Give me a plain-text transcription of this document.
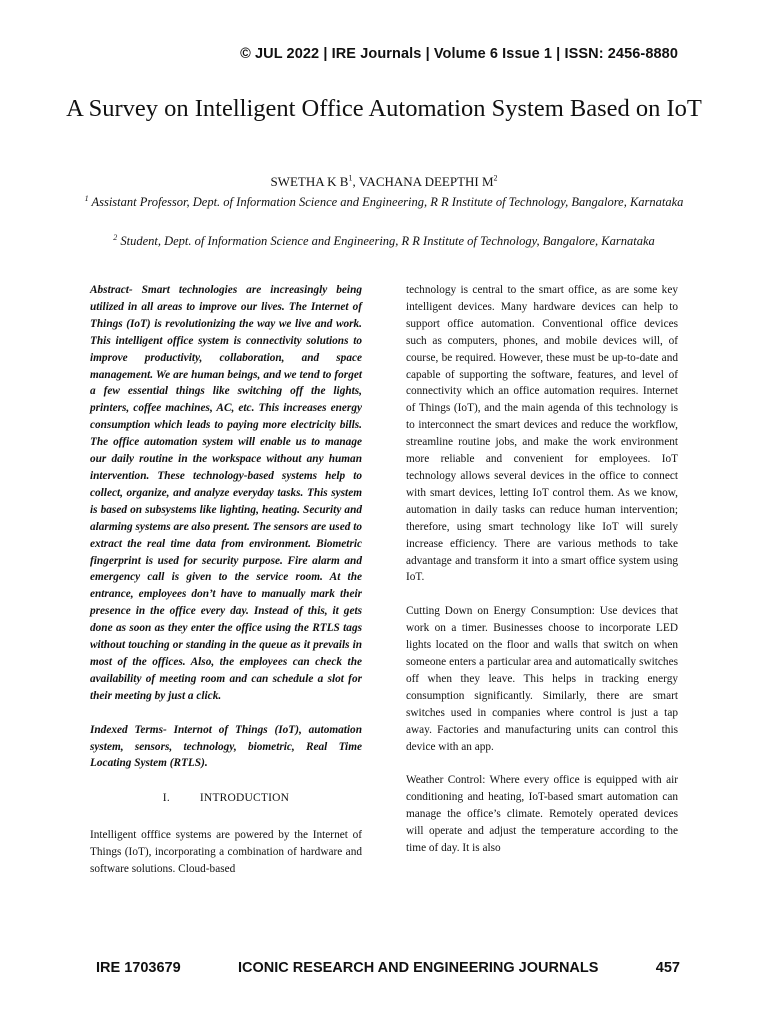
© JUL 2022 | IRE Journals | Volume 6 Issue 1 | ISSN: 2456-8880
A Survey on Intelligent Office Automation System Based on IoT
SWETHA K $B^1$, VACHANA DEEPTHI $M^2$
$^1$ Assistant Professor, Dept. of Information Science and Engineering, R R Institute of Technology, Bangalore, Karnataka
$^2$ Student, Dept. of Information Science and Engineering, R R Institute of Technology, Bangalore, Karnataka

Abstract- Smart technologies are increasingly being utilized in all areas to improve our lives. The Internet of Things (IoT) is revolutionizing the way we live and work. This intelligent office system is connectivity solutions to improve productivity, collaboration, and space management. We are human beings, and we tend to forget a few essential things like switching off the lights, printers, coffee machines, AC, etc. This increases energy consumption which leads to paying more electricity bills. The office automation system will enable us to manage our daily routine in the workspace without any human intervention. These technology-based systems help to collect, organize, and analyze everyday tasks. This system is based on subsystems like lighting, heating. Security and alarming systems are also present. The sensors are used to extract the real time data from environment. Biometric fingerprint is used for security purpose. Fire alarm and emergency call is given to the service room. At the entrance, employees don’t have to manually mark their presence in the office every day. Instead of this, it gets done as soon as they enter the office using the RTLS tags without touching or standing in the queue as it prevails in most of the offices. Also, the employees can check the availability of meeting room and can schedule a slot for their meeting by just a click.

Indexed Terms- Internot of Things (IoT), automation system, sensors, technology, biometric, Real Time Locating System (RTLS).

I.	INTRODUCTION

Intelligent offfice systems are powered by the Internet of Things (IoT), incorporating a combination of hardware and software solutions. Cloud-based

technology is central to the smart office, as are some key intelligent devices. Many hardware devices can help to support office automation. Conventional office devices such as computers, phones, and mobile devices will, of course, be required. However, these must be up-to-date and capable of supporting the software, features, and level of connectivity which an office automation requires. Internet of Things (IoT), and the main agenda of this technology is to interconnect the smart devices and reduce the workflow, streamline routine jobs, and make the work environment more reliable and convenient for employees. IoT technology allows several devices in the office to connect with smart devices, letting IoT control them. As we know, automation in daily tasks can reduce human intervention; therefore, using smart technology like IoT will surely increase efficiency. There are various methods to take advantage and transform it into a smart office system using IoT.

Cutting Down on Energy Consumption: Use devices that work on a timer. Businesses choose to incorporate LED lights located on the floor and walls that switch on when someone enters a particular area and automatically switches off when they leave. This helps in tracking energy consumption significantly. Similarly, there are smart switches used in companies where control is just a tap away. Factories and manufacturing units can control this device with an app.

Weather Control: Where every office is equipped with air conditioning and heating, IoT-based smart automation can manage the office’s climate. Remotely operated devices will operate and adjust the temperature according to the time of day. It is also

IRE 1703679	ICONIC RESEARCH AND ENGINEERING JOURNALS	457
